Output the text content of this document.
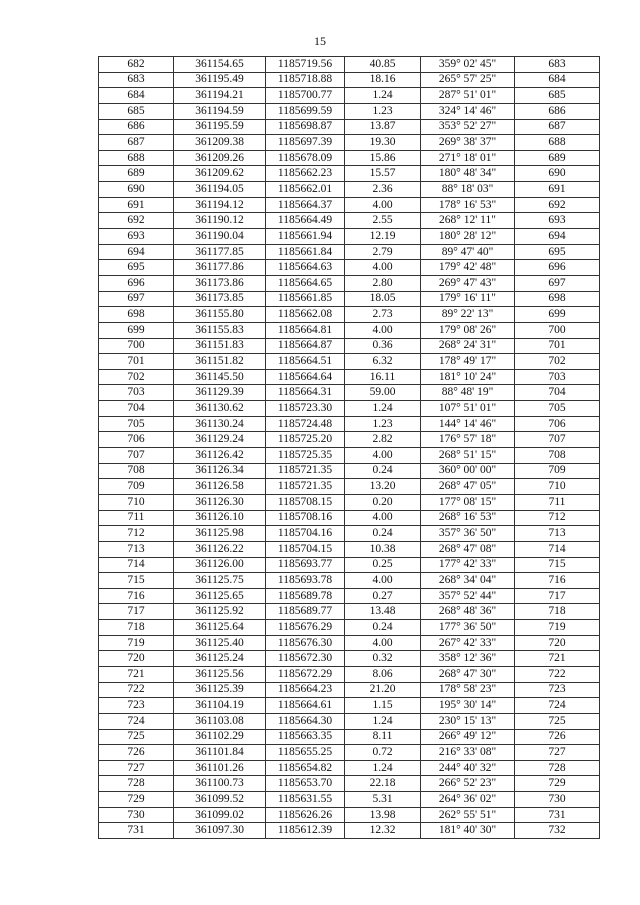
15
682	361154.65	1185719.56	40.85	359° 02' 45"	683
683	361195.49	1185718.88	18.16	265° 57' 25"	684
684	361194.21	1185700.77	1.24	287° 51' 01"	685
685	361194.59	1185699.59	1.23	324° 14' 46"	686
686	361195.59	1185698.87	13.87	353° 52' 27"	687
687	361209.38	1185697.39	19.30	269° 38' 37"	688
688	361209.26	1185678.09	15.86	271° 18' 01"	689
689	361209.62	1185662.23	15.57	180° 48' 34"	690
690	361194.05	1185662.01	2.36	88° 18' 03"	691
691	361194.12	1185664.37	4.00	178° 16' 53"	692
692	361190.12	1185664.49	2.55	268° 12' 11"	693
693	361190.04	1185661.94	12.19	180° 28' 12"	694
694	361177.85	1185661.84	2.79	89° 47' 40"	695
695	361177.86	1185664.63	4.00	179° 42' 48"	696
696	361173.86	1185664.65	2.80	269° 47' 43"	697
697	361173.85	1185661.85	18.05	179° 16' 11"	698
698	361155.80	1185662.08	2.73	89° 22' 13"	699
699	361155.83	1185664.81	4.00	179° 08' 26"	700
700	361151.83	1185664.87	0.36	268° 24' 31"	701
701	361151.82	1185664.51	6.32	178° 49' 17"	702
702	361145.50	1185664.64	16.11	181° 10' 24"	703
703	361129.39	1185664.31	59.00	88° 48' 19"	704
704	361130.62	1185723.30	1.24	107° 51' 01"	705
705	361130.24	1185724.48	1.23	144° 14' 46"	706
706	361129.24	1185725.20	2.82	176° 57' 18"	707
707	361126.42	1185725.35	4.00	268° 51' 15"	708
708	361126.34	1185721.35	0.24	360° 00' 00"	709
709	361126.58	1185721.35	13.20	268° 47' 05"	710
710	361126.30	1185708.15	0.20	177° 08' 15"	711
711	361126.10	1185708.16	4.00	268° 16' 53"	712
712	361125.98	1185704.16	0.24	357° 36' 50"	713
713	361126.22	1185704.15	10.38	268° 47' 08"	714
714	361126.00	1185693.77	0.25	177° 42' 33"	715
715	361125.75	1185693.78	4.00	268° 34' 04"	716
716	361125.65	1185689.78	0.27	357° 52' 44"	717
717	361125.92	1185689.77	13.48	268° 48' 36"	718
718	361125.64	1185676.29	0.24	177° 36' 50"	719
719	361125.40	1185676.30	4.00	267° 42' 33"	720
720	361125.24	1185672.30	0.32	358° 12' 36"	721
721	361125.56	1185672.29	8.06	268° 47' 30"	722
722	361125.39	1185664.23	21.20	178° 58' 23"	723
723	361104.19	1185664.61	1.15	195° 30' 14"	724
724	361103.08	1185664.30	1.24	230° 15' 13"	725
725	361102.29	1185663.35	8.11	266° 49' 12"	726
726	361101.84	1185655.25	0.72	216° 33' 08"	727
727	361101.26	1185654.82	1.24	244° 40' 32"	728
728	361100.73	1185653.70	22.18	266° 52' 23"	729
729	361099.52	1185631.55	5.31	264° 36' 02"	730
730	361099.02	1185626.26	13.98	262° 55' 51"	731
731	361097.30	1185612.39	12.32	181° 40' 30"	732
